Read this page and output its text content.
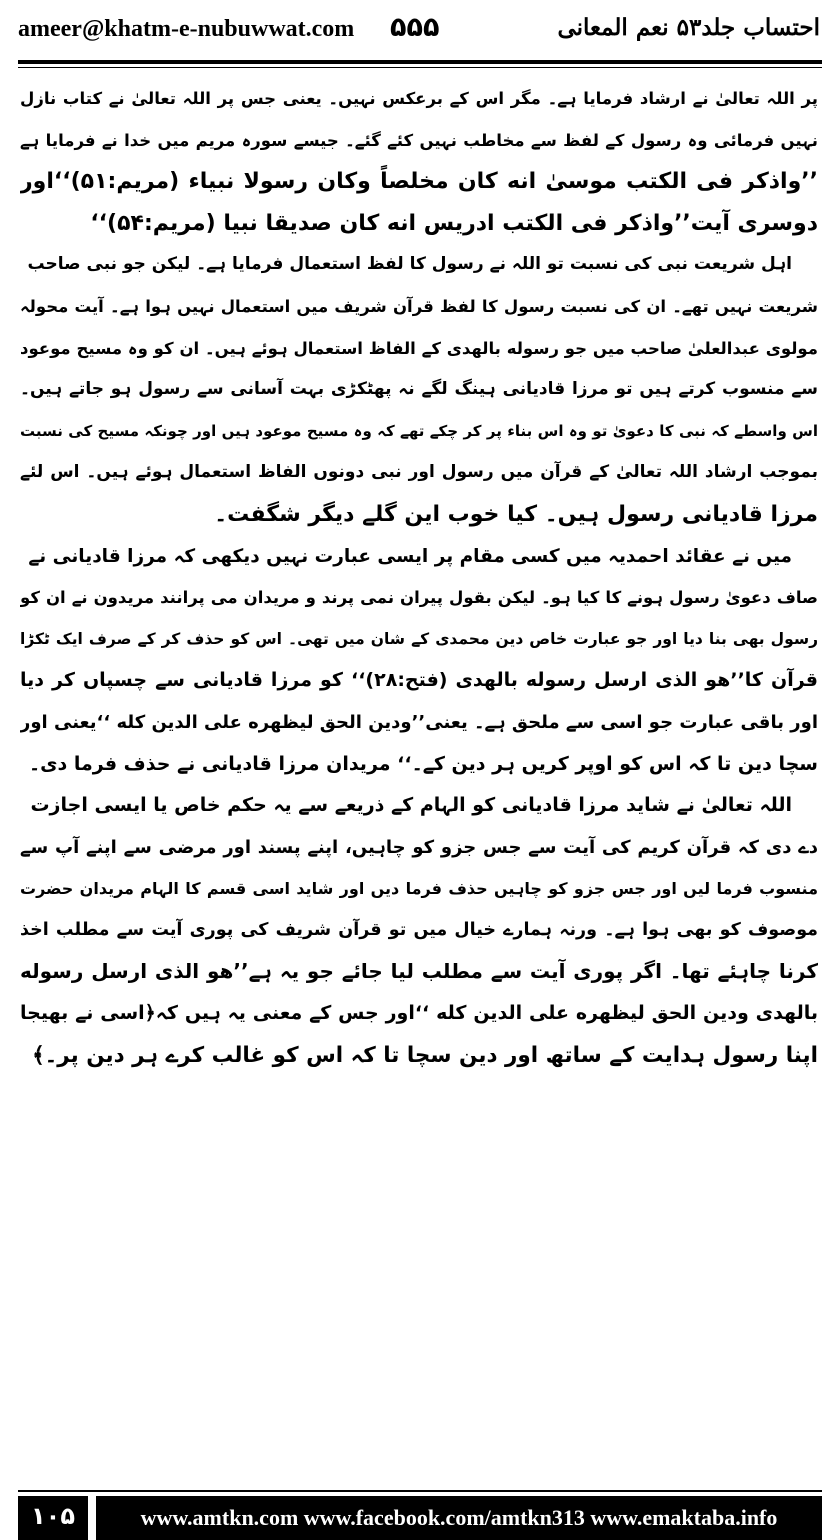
ameer@khatm-e-nubuwwat.com ۵۵۵	احتساب جلد۵۳ نعم المعانی
پر اللہ تعالیٰ نے ارشاد فرمایا ہے۔ مگر اس کے برعکس نہیں۔ یعنی جس پر اللہ تعالیٰ نے کتاب نازل
نہیں فرمائی وہ رسول کے لفظ سے مخاطب نہیں کئے گئے۔ جیسے سورہ مریم میں خدا نے فرمایا ہے
’’واذکر فی الکتب موسیٰ انه کان مخلصاً وکان رسولا نبیاء (مریم:۵۱)‘‘اور
دوسری آیت’’واذکر فی الکتب ادریس انه کان صدیقا نبیا (مریم:۵۴)‘‘
اہل شریعت نبی کی نسبت تو اللہ نے رسول کا لفظ استعمال فرمایا ہے۔ لیکن جو نبی صاحب
شریعت نہیں تھے۔ ان کی نسبت رسول کا لفظ قرآن شریف میں استعمال نہیں ہوا ہے۔ آیت محولہ
مولوی عبدالعلیٰ صاحب میں جو رسوله بالهدی کے الفاظ استعمال ہوئے ہیں۔ ان کو وہ مسیح موعود
سے منسوب کرتے ہیں تو مرزا قادیانی ہینگ لگے نہ پھٹکڑی بہت آسانی سے رسول ہو جاتے ہیں۔
اس واسطے کہ نبی کا دعویٰ تو وہ اس بناء پر کر چکے تھے کہ وہ مسیح موعود ہیں اور چونکہ مسیح کی نسبت
بموجب ارشاد اللہ تعالیٰ کے قرآن میں رسول اور نبی دونوں الفاظ استعمال ہوئے ہیں۔ اس لئے
مرزا قادیانی رسول ہیں۔ کیا خوب این گلے دیگر شگفت۔
میں نے عقائد احمدیہ میں کسی مقام پر ایسی عبارت نہیں دیکھی کہ مرزا قادیانی نے
صاف دعویٰ رسول ہونے کا کیا ہو۔ لیکن بقول پیران نمی پرند و مریدان می پرانند مریدون نے ان کو
رسول بھی بنا دیا اور جو عبارت خاص دین محمدی کے شان میں تھی۔ اس کو حذف کر کے صرف ایک ٹکڑا
قرآن کا’’ھو الذی ارسل رسوله بالهدی (فتح:۲۸)‘‘ کو مرزا قادیانی سے چسپاں کر دیا
اور باقی عبارت جو اسی سے ملحق ہے۔ یعنی’’ودین الحق لیظهره علی الدین کله ‘‘یعنی اور
سچا دین تا کہ اس کو اوپر کریں ہر دین کے۔‘‘ مریدان مرزا قادیانی نے حذف فرما دی۔
اللہ تعالیٰ نے شاید مرزا قادیانی کو الہام کے ذریعے سے یہ حکم خاص یا ایسی اجازت
دے دی کہ قرآن کریم کی آیت سے جس جزو کو چاہیں، اپنے پسند اور مرضی سے اپنے آپ سے
منسوب فرما لیں اور جس جزو کو چاہیں حذف فرما دیں اور شاید اسی قسم کا الہام مریدان حضرت
موصوف کو بھی ہوا ہے۔ ورنہ ہمارے خیال میں تو قرآن شریف کی پوری آیت سے مطلب اخذ
کرنا چاہئے تھا۔ اگر پوری آیت سے مطلب لیا جائے جو یہ ہے’’ھو الذی ارسل رسوله
بالهدی ودین الحق لیظهره علی الدین کله ‘‘اور جس کے معنی یہ ہیں کہ﴿اسی نے بھیجا
اپنا رسول ہدایت کے ساتھ اور دین سچا تا کہ اس کو غالب کرے ہر دین پر۔﴾
۱۰۵	www.amtkn.com www.facebook.com/amtkn313 www.emaktaba.info
